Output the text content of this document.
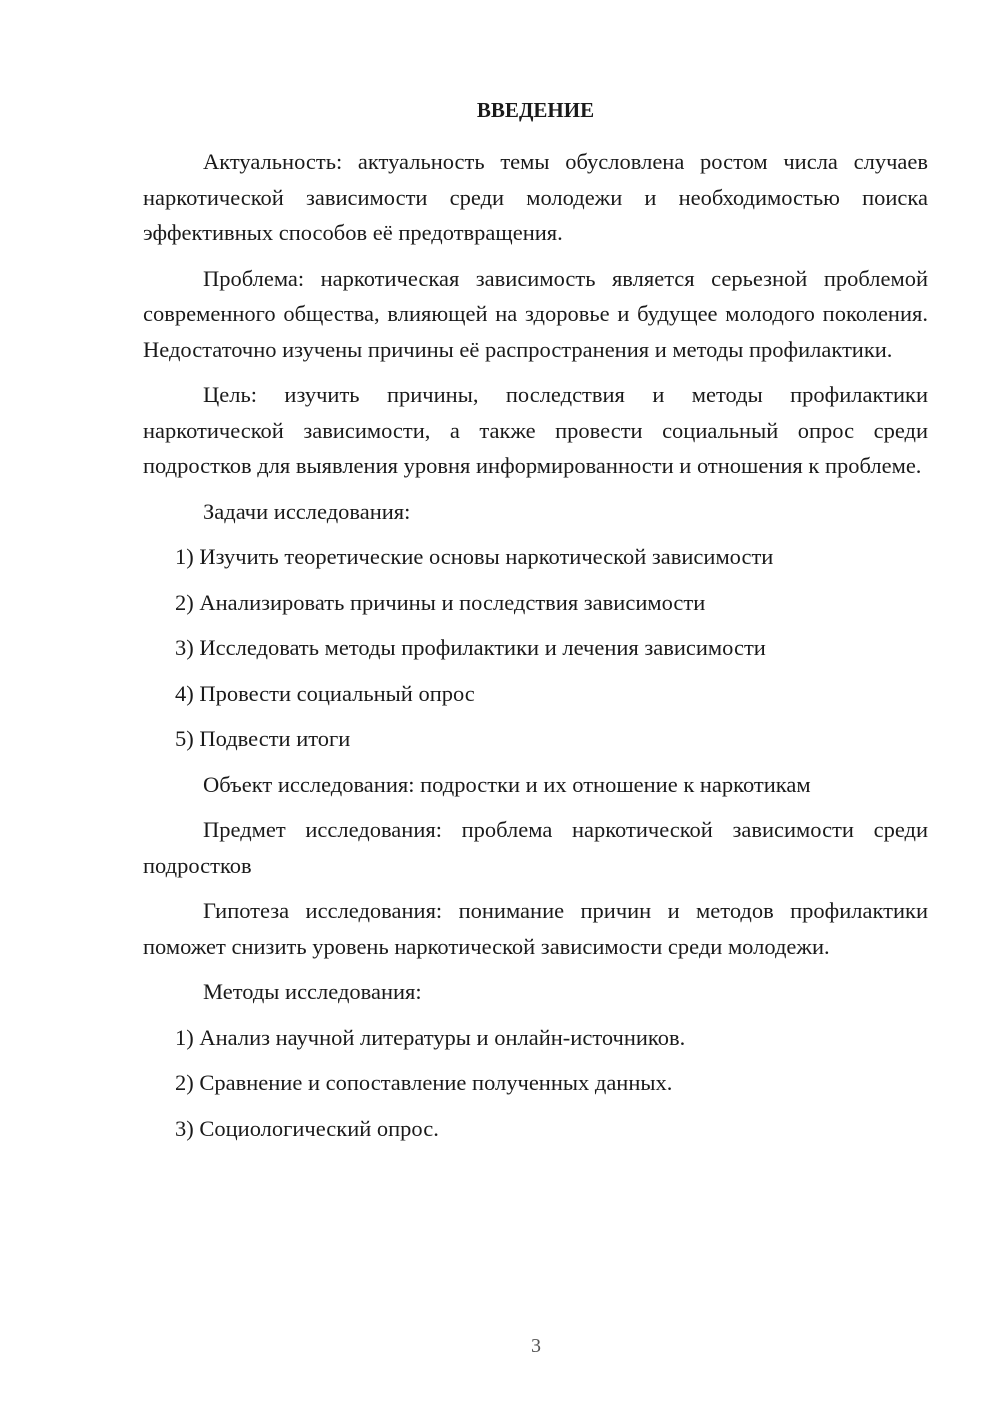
ВВЕДЕНИЕ

Актуальность: актуальность темы обусловлена ростом числа случаев наркотической зависимости среди молодежи и необходимостью поиска эффективных способов её предотвращения.

Проблема: наркотическая зависимость является серьезной проблемой современного общества, влияющей на здоровье и будущее молодого поколения. Недостаточно изучены причины её распространения и методы профилактики.

Цель: изучить причины, последствия и методы профилактики наркотической зависимости, а также провести социальный опрос среди подростков для выявления уровня информированности и отношения к проблеме.

Задачи исследования:
1) Изучить теоретические основы наркотической зависимости
2) Анализировать причины и последствия зависимости
3) Исследовать методы профилактики и лечения зависимости
4) Провести социальный опрос
5) Подвести итоги
Объект исследования: подростки и их отношение к наркотикам

Предмет исследования: проблема наркотической зависимости среди подростков

Гипотеза исследования: понимание причин и методов профилактики поможет снизить уровень наркотической зависимости среди молодежи.

Методы исследования:
1) Анализ научной литературы и онлайн-источников.
2) Сравнение и сопоставление полученных данных.
3) Социологический опрос.
3
